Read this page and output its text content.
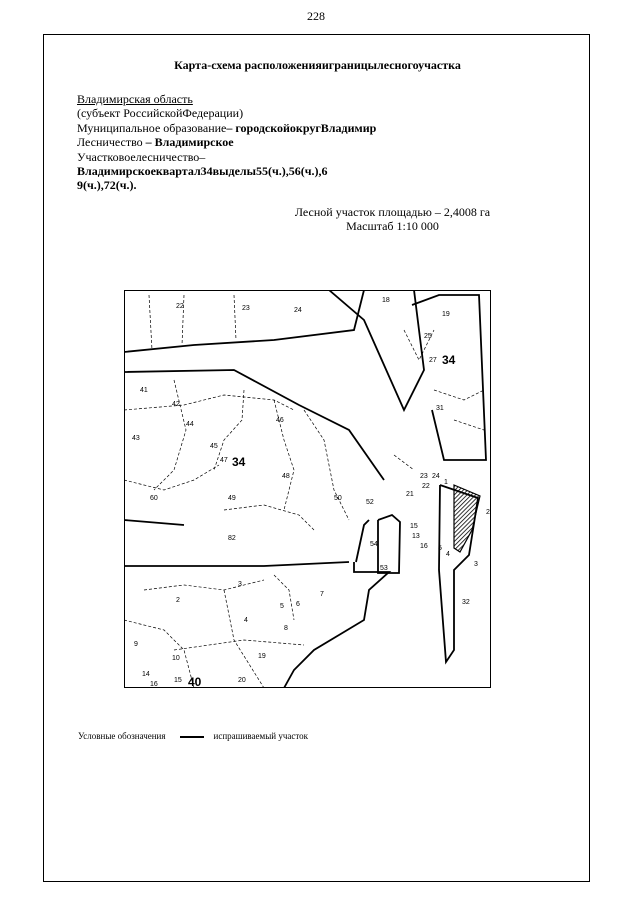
228
Карта-схема расположенияиграницылесногоучастка
Владимирская область
(субъект РоссийскойФедерации)
Муниципальное образование– городскойокругВладимир
Лесничество – Владимирское
Участковоелесничество–
Владимирскоеквартал34выделы55(ч.),56(ч.),6
9(ч.),72(ч.).
Лесной участок площадью – 2,4008 га
Масштаб 1:10 000
22	23	24
18
19
25
27 34
31
41
42
43
44
45
46
47 34
48
49	50
60
82
3
2
4
5 6
7
8
9
10	19
14
15
16	40	20
32
52
54
53
23 24
1
22
21
2
3
4
5
13
15
16
Условные обозначения	испрашиваемый участок
